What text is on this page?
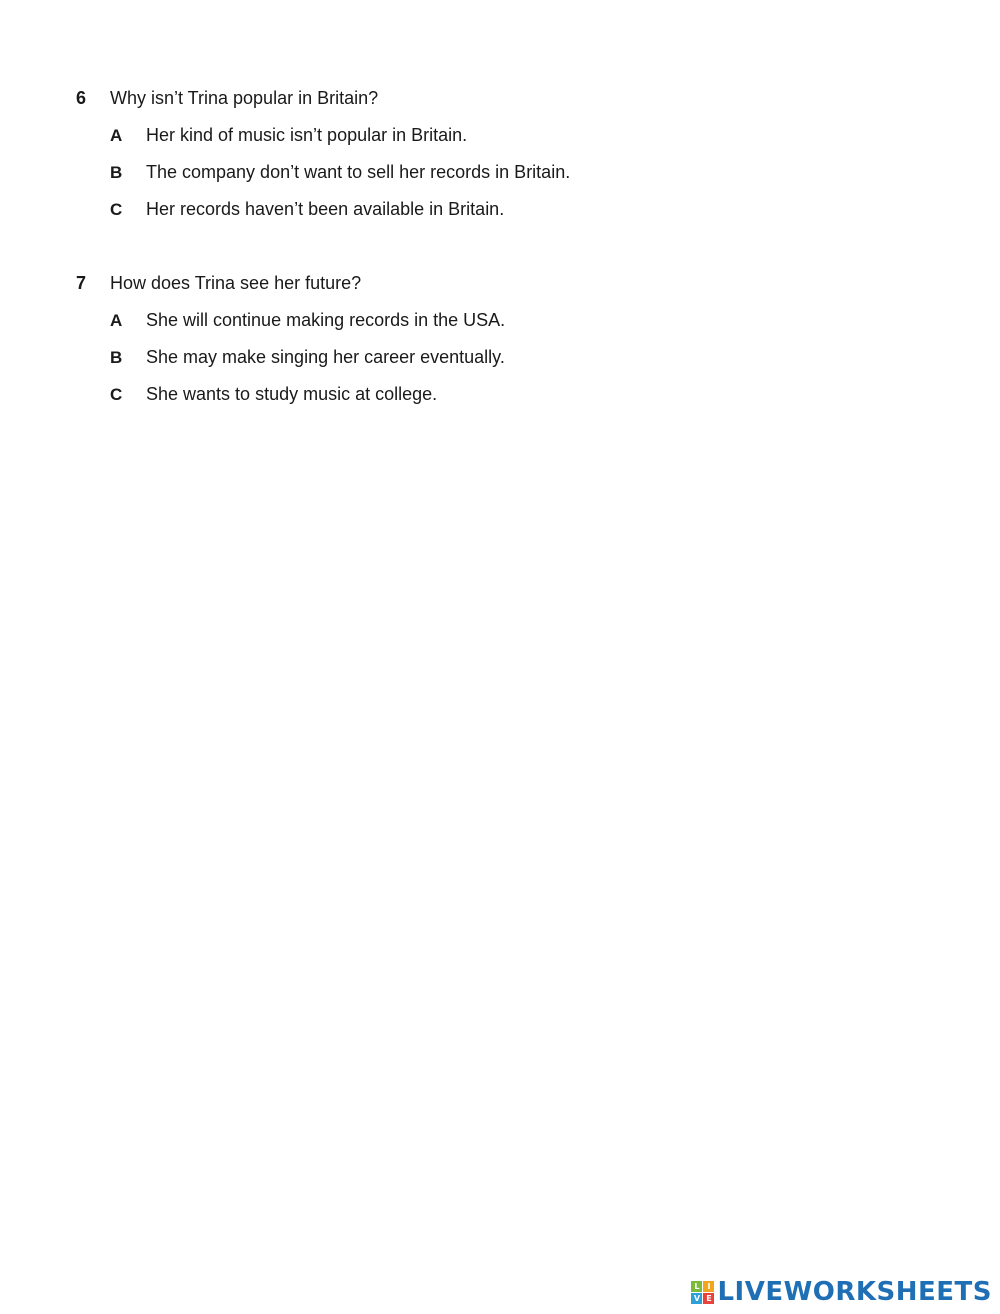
6	Why isn’t Trina popular in Britain?
A	Her kind of music isn’t popular in Britain.
B	The company don’t want to sell her records in Britain.
C	Her records haven’t been available in Britain.
7	How does Trina see her future?
A	She will continue making records in the USA.
B	She may make singing her career eventually.
C	She wants to study music at college.
L I
V E LIVEWORKSHEETS
